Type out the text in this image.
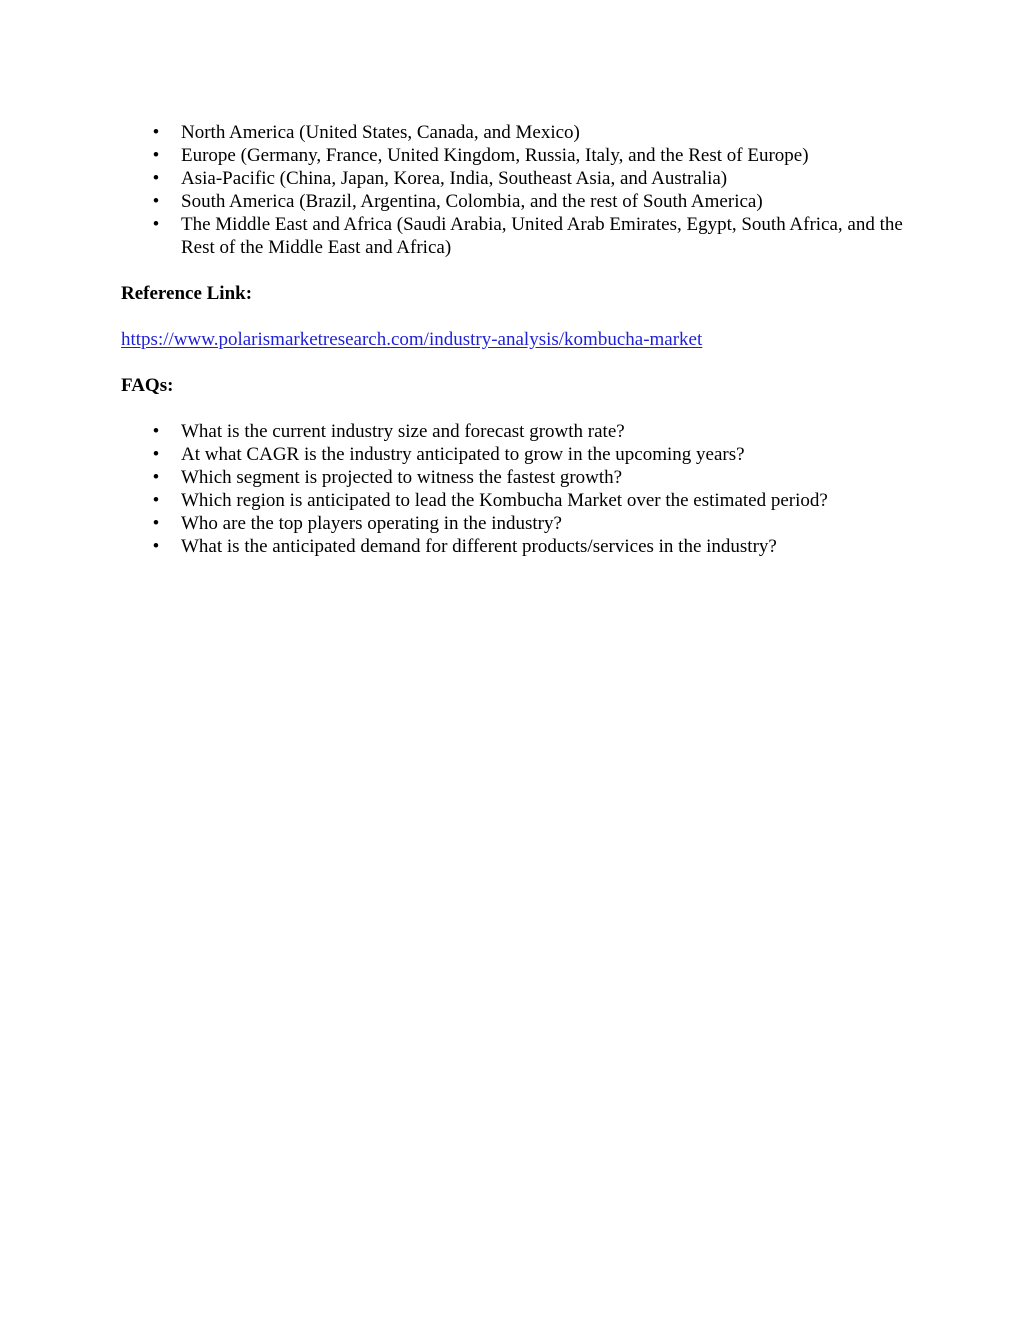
• North America (United States, Canada, and Mexico)
• Europe (Germany, France, United Kingdom, Russia, Italy, and the Rest of Europe)
• Asia-Pacific (China, Japan, Korea, India, Southeast Asia, and Australia)
• South America (Brazil, Argentina, Colombia, and the rest of South America)
• The Middle East and Africa (Saudi Arabia, United Arab Emirates, Egypt, South Africa, and the Rest of the Middle East and Africa)

Reference Link:

https://www.polarismarketresearch.com/industry-analysis/kombucha-market

FAQs:

• What is the current industry size and forecast growth rate?
• At what CAGR is the industry anticipated to grow in the upcoming years?
• Which segment is projected to witness the fastest growth?
• Which region is anticipated to lead the Kombucha Market over the estimated period?
• Who are the top players operating in the industry?
• What is the anticipated demand for different products/services in the industry?
